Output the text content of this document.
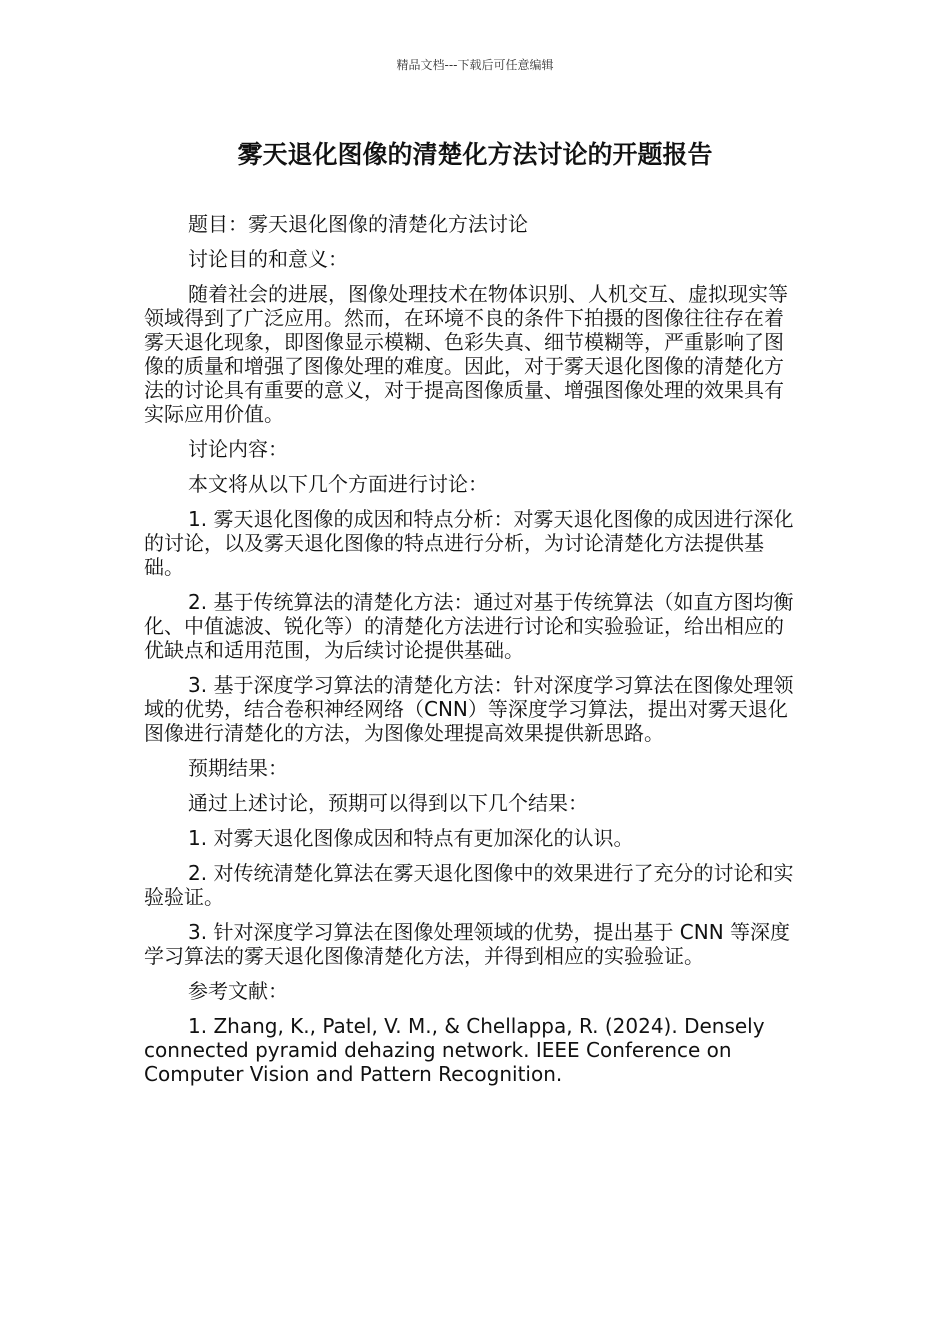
精品文档---下载后可任意编辑
雾天退化图像的清楚化方法讨论的开题报告

题目：雾天退化图像的清楚化方法讨论

讨论目的和意义：

随着社会的进展，图像处理技术在物体识别、人机交互、虚拟现实等领域得到了广泛应用。然而，在环境不良的条件下拍摄的图像往往存在着雾天退化现象，即图像显示模糊、色彩失真、细节模糊等，严重影响了图像的质量和增强了图像处理的难度。因此，对于雾天退化图像的清楚化方法的讨论具有重要的意义，对于提高图像质量、增强图像处理的效果具有实际应用价值。

讨论内容：

本文将从以下几个方面进行讨论：

1. 雾天退化图像的成因和特点分析：对雾天退化图像的成因进行深化的讨论，以及雾天退化图像的特点进行分析，为讨论清楚化方法提供基础。

2. 基于传统算法的清楚化方法：通过对基于传统算法（如直方图均衡化、中值滤波、锐化等）的清楚化方法进行讨论和实验验证，给出相应的优缺点和适用范围，为后续讨论提供基础。

3. 基于深度学习算法的清楚化方法：针对深度学习算法在图像处理领域的优势，结合卷积神经网络（CNN）等深度学习算法，提出对雾天退化图像进行清楚化的方法，为图像处理提高效果提供新思路。

预期结果：

通过上述讨论，预期可以得到以下几个结果：

1. 对雾天退化图像成因和特点有更加深化的认识。

2. 对传统清楚化算法在雾天退化图像中的效果进行了充分的讨论和实验验证。

3. 针对深度学习算法在图像处理领域的优势，提出基于 CNN 等深度学习算法的雾天退化图像清楚化方法，并得到相应的实验验证。

参考文献：

1. Zhang, K., Patel, V. M., & Chellappa, R. (2024). Densely connected pyramid dehazing network. IEEE Conference on Computer Vision and Pattern Recognition.
